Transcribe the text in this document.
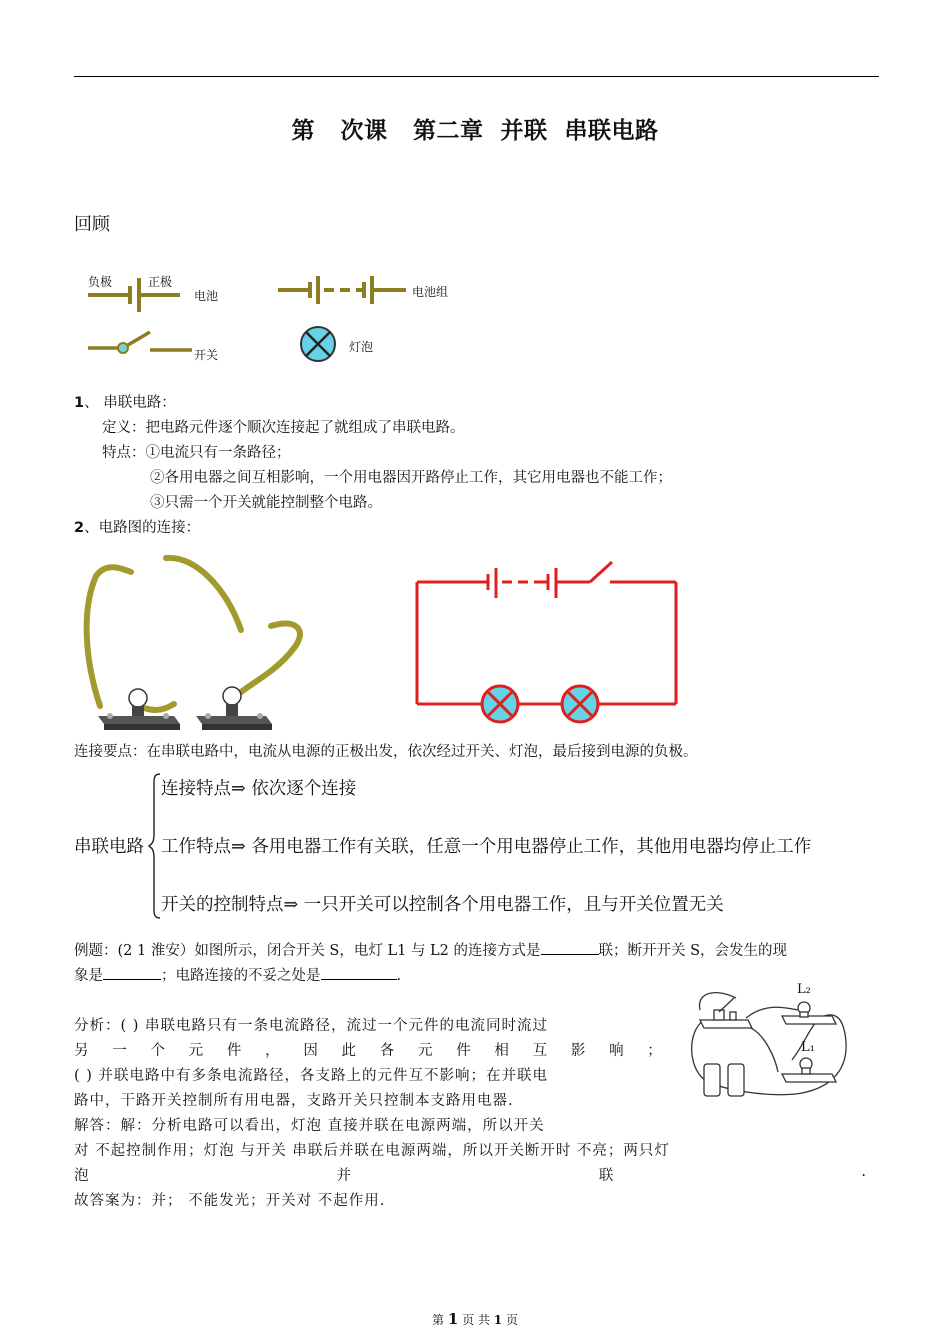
第   次课   第二章  并联  串联电路
回顾
负极	正极
电池	电池组
开关
灯泡
1、 串联电路：
定义：把电路元件逐个顺次连接起了就组成了串联电路。
特点：①电流只有一条路径；
②各用电器之间互相影响，一个用电器因开路停止工作，其它用电器也不能工作；
③只需一个开关就能控制整个电路。
2、电路图的连接：
连接要点：在串联电路中，电流从电源的正极出发，依次经过开关、灯泡，最后接到电源的负极。
串联电路
连接特点⇒ 依次逐个连接
工作特点⇒ 各用电器工作有关联，任意一个用电器停止工作，其他用电器均停止工作
开关的控制特点⇒ 一只开关可以控制各个用电器工作，且与开关位置无关
例题：(2 1 淮安）如图所示，闭合开关 S，电灯 L1 与 L2 的连接方式是	联；断开开关 S，会发生的现
象是	；电路连接的不妥之处是	.
L₂
L₁
分析：( ) 串联电路只有一条电流路径，流过一个元件的电流同时流过
另 一 个 元 件 ， 因 此 各 元 件 相 互 影 响 ；
( ) 并联电路中有多条电流路径，各支路上的元件互不影响；在并联电
路中，干路开关控制所有用电器，支路开关只控制本支路用电器.
解答：解：分析电路可以看出，灯泡 直接并联在电源两端，所以开关
对 不起控制作用；灯泡 与开关 串联后并联在电源两端，所以开关断开时 不亮；两只灯
泡	并	联	.
故答案为：并； 不能发光；开关对 不起作用.
第 1 页 共 1 页
